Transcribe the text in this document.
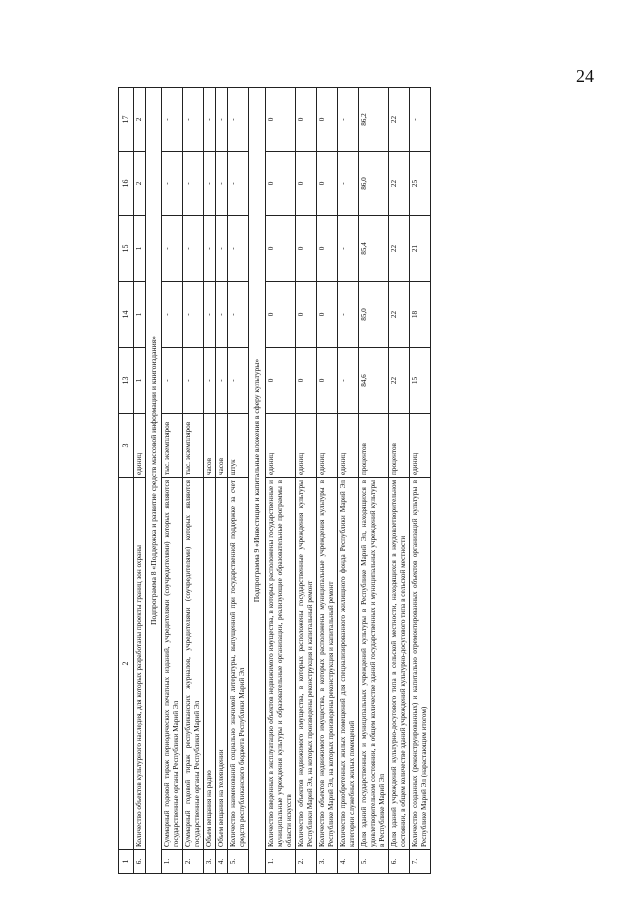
24
1	2	3	13	14	15	16	17
6.	Количество объектов культурного наследия, для которых разработаны проекты границ зон охраны	единиц	1	1	1	2	2
Подпрограмма 8 «Поддержка и развитие средств массовой информации и книгоиздания»							
1.	Суммарный годовой тираж периодических печатных изданий, учредителями (соучредителями) которых являются государственные органы Республики Марий Эл	тыс. экземпляров	-	-	-	-	-
2.	Суммарный годовой тираж республиканских журналов, учредителями (соучредителями) которых являются государственные органы Республики Марий Эл	тыс. экземпляров	-	-	-	-	-
3.	Объем вещания на радио	часов	-	-	-	-	-
4.	Объем вещания на телевидении	часов	-	-	-	-	-
5.	Количество наименований социально значимой литературы, выпущенной при государственной поддержке за счет средств республиканского бюджета Республики Марий Эл	штук	-	-	-	-	-
Подпрограмма 9 «Инвестиции и капитальные вложения в сферу культуры»							
1.	Количество введенных в эксплуатацию объектов недвижимого имущества, в которых расположены государственные и муниципальные учреждения культуры и образовательные организации, реализующие образовательные программы в области искусств	единиц	0	0	0	0	0
2.	Количество объектов недвижимого имущества, в которых расположены государственные учреждения культуры Республики Марий Эл, на которых произведены реконструкция и капитальный ремонт	единиц	0	0	0	0	0
3.	Количество объектов недвижимого имущества, в которых расположены муниципальные учреждения культуры в Республике Марий Эл, на которых произведены реконструкция и капитальный ремонт	единиц	0	0	0	0	0
4.	Количество приобретенных жилых помещений для специализированного жилищного фонда Республики Марий Эл категории служебных жилых помещений	единиц	-	-	-	-	-
5.	Доля зданий государственных и муниципальных учреждений культуры в Республике Марий Эл, находящихся в удовлетворительном состоянии, в общем количестве зданий государственных и муниципальных учреждений культуры в Республике Марий Эл	процентов	84,6	85,0	85,4	86,0	86,2
6.	Доля зданий учреждений культурно-досугового типа в сельской местности, находящихся в неудовлетворительном состоянии, в общем количестве зданий учреждений культурно-досугового типа в сельской местности	процентов	22	22	22	22	22
7.	Количество созданных (реконструированных) и капитально отремонтированных объектов организаций культуры в Республике Марий Эл (нарастающим итогом)	единиц	15	18	21	25	-
